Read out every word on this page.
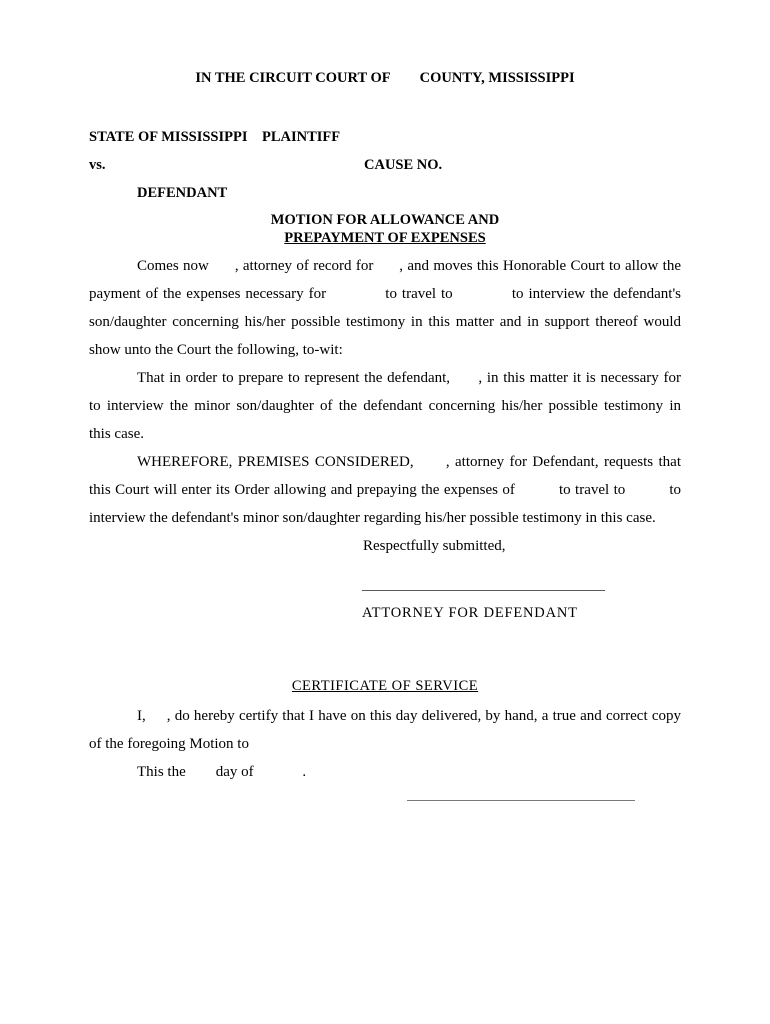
IN THE CIRCUIT COURT OF        COUNTY, MISSISSIPPI
STATE OF MISSISSIPPI    PLAINTIFF
vs.	CAUSE NO.
DEFENDANT
MOTION FOR ALLOWANCE AND
PREPAYMENT OF EXPENSES
Comes now      , attorney of record for      , and moves this Honorable Court to allow the
payment of the expenses necessary for            to travel to            to interview the defendant's
son/daughter concerning his/her possible testimony in this matter and in support thereof would
show unto the Court the following, to-wit:
That in order to prepare to represent the defendant,      , in this matter it is necessary for
to interview the minor son/daughter of the defendant concerning his/her possible testimony in
this case.
WHEREFORE, PREMISES CONSIDERED,      , attorney for Defendant, requests that
this Court will enter its Order allowing and prepaying the expenses of          to travel to          to
interview the defendant's minor son/daughter regarding his/her possible testimony in this case.
Respectfully submitted,
ATTORNEY FOR DEFENDANT
CERTIFICATE OF SERVICE
I,     , do hereby certify that I have on this day delivered, by hand, a true and correct copy
of the foregoing Motion to
This the        day of             .
